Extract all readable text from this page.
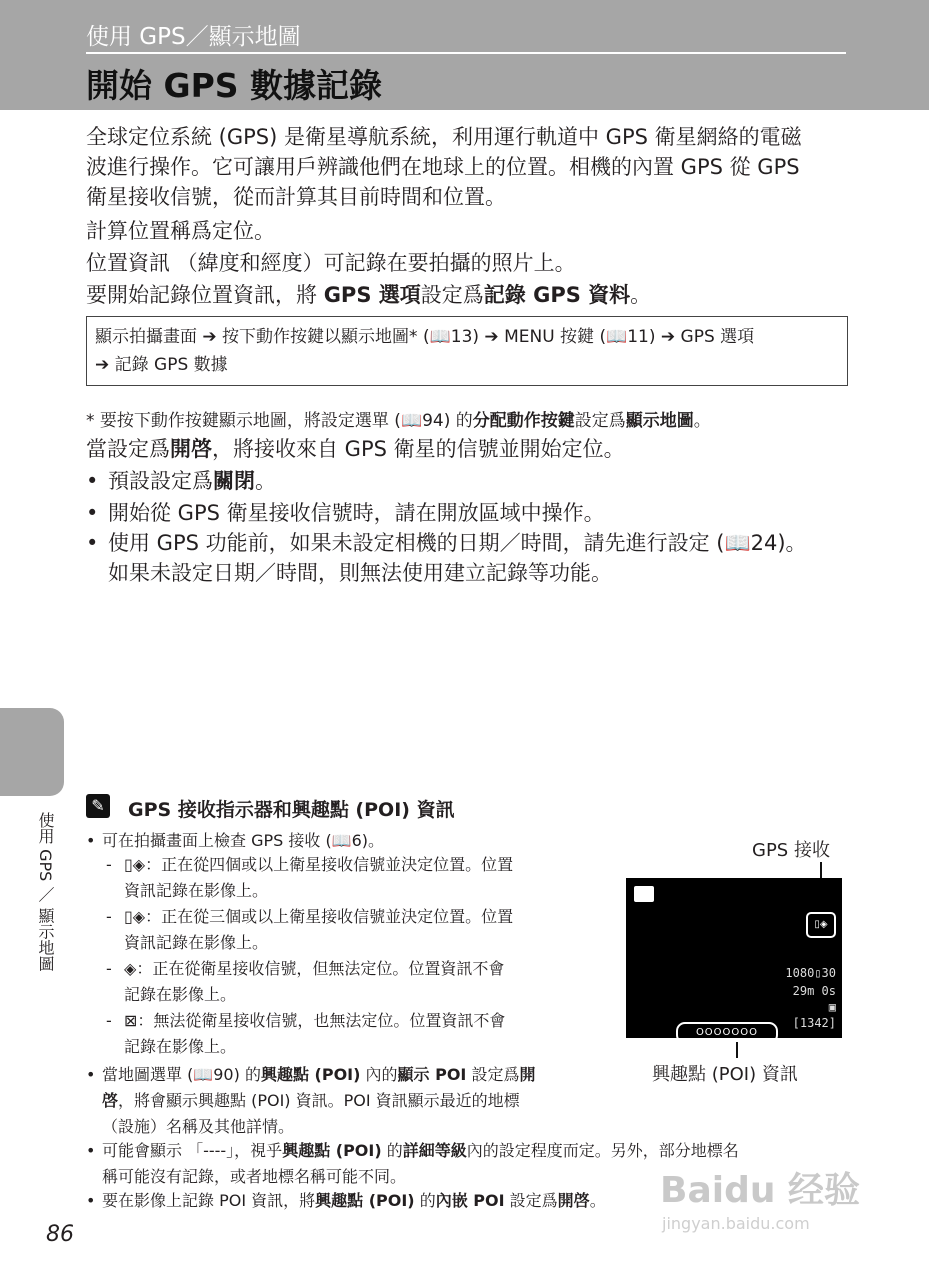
使用 GPS／顯示地圖
開始 GPS 數據記錄
全球定位系統 (GPS) 是衛星導航系統，利用運行軌道中 GPS 衛星網絡的電磁
波進行操作。它可讓用戶辨識他們在地球上的位置。相機的內置 GPS 從 GPS
衛星接收信號，從而計算其目前時間和位置。
計算位置稱爲定位。
位置資訊 （緯度和經度）可記錄在要拍攝的照片上。
要開始記錄位置資訊，將 GPS 選項設定爲記錄 GPS 資料。
顯示拍攝畫面 ➔ 按下動作按鍵以顯示地圖* (📖13) ➔ MENU 按鍵 (📖11) ➔ GPS 選項
➔ 記錄 GPS 數據
* 要按下動作按鍵顯示地圖，將設定選單 (📖94) 的分配動作按鍵設定爲顯示地圖。
當設定爲開啓，將接收來自 GPS 衛星的信號並開始定位。
• 預設設定爲關閉。
• 開始從 GPS 衛星接收信號時，請在開放區域中操作。
• 使用 GPS 功能前，如果未設定相機的日期／時間，請先進行設定 (📖24)。
如果未設定日期／時間，則無法使用建立記錄等功能。
使用 GPS ／ 顯示地圖
✎ GPS 接收指示器和興趣點 (POI) 資訊
• 可在拍攝畫面上檢查 GPS 接收 (📖6)。
- ▯◈：正在從四個或以上衛星接收信號並決定位置。位置
資訊記錄在影像上。
- ▯◈：正在從三個或以上衛星接收信號並決定位置。位置
資訊記錄在影像上。
- ◈：正在從衛星接收信號，但無法定位。位置資訊不會
記錄在影像上。
- ⊠：無法從衛星接收信號，也無法定位。位置資訊不會
記錄在影像上。
• 當地圖選單 (📖90) 的興趣點 (POI) 內的顯示 POI 設定爲開
啓，將會顯示興趣點 (POI) 資訊。POI 資訊顯示最近的地標
（設施）名稱及其他詳情。
• 可能會顯示 「----」，視乎興趣點 (POI) 的詳細等級內的設定程度而定。另外，部分地標名
稱可能沒有記錄，或者地標名稱可能不同。
• 要在影像上記錄 POI 資訊，將興趣點 (POI) 的內嵌 POI 設定爲開啓。
GPS 接收
1080▯30
29m 0s
▣
[1342]
▯◈
OOOOOOO
興趣點 (POI) 資訊
86
Baidu 经验
jingyan.baidu.com
